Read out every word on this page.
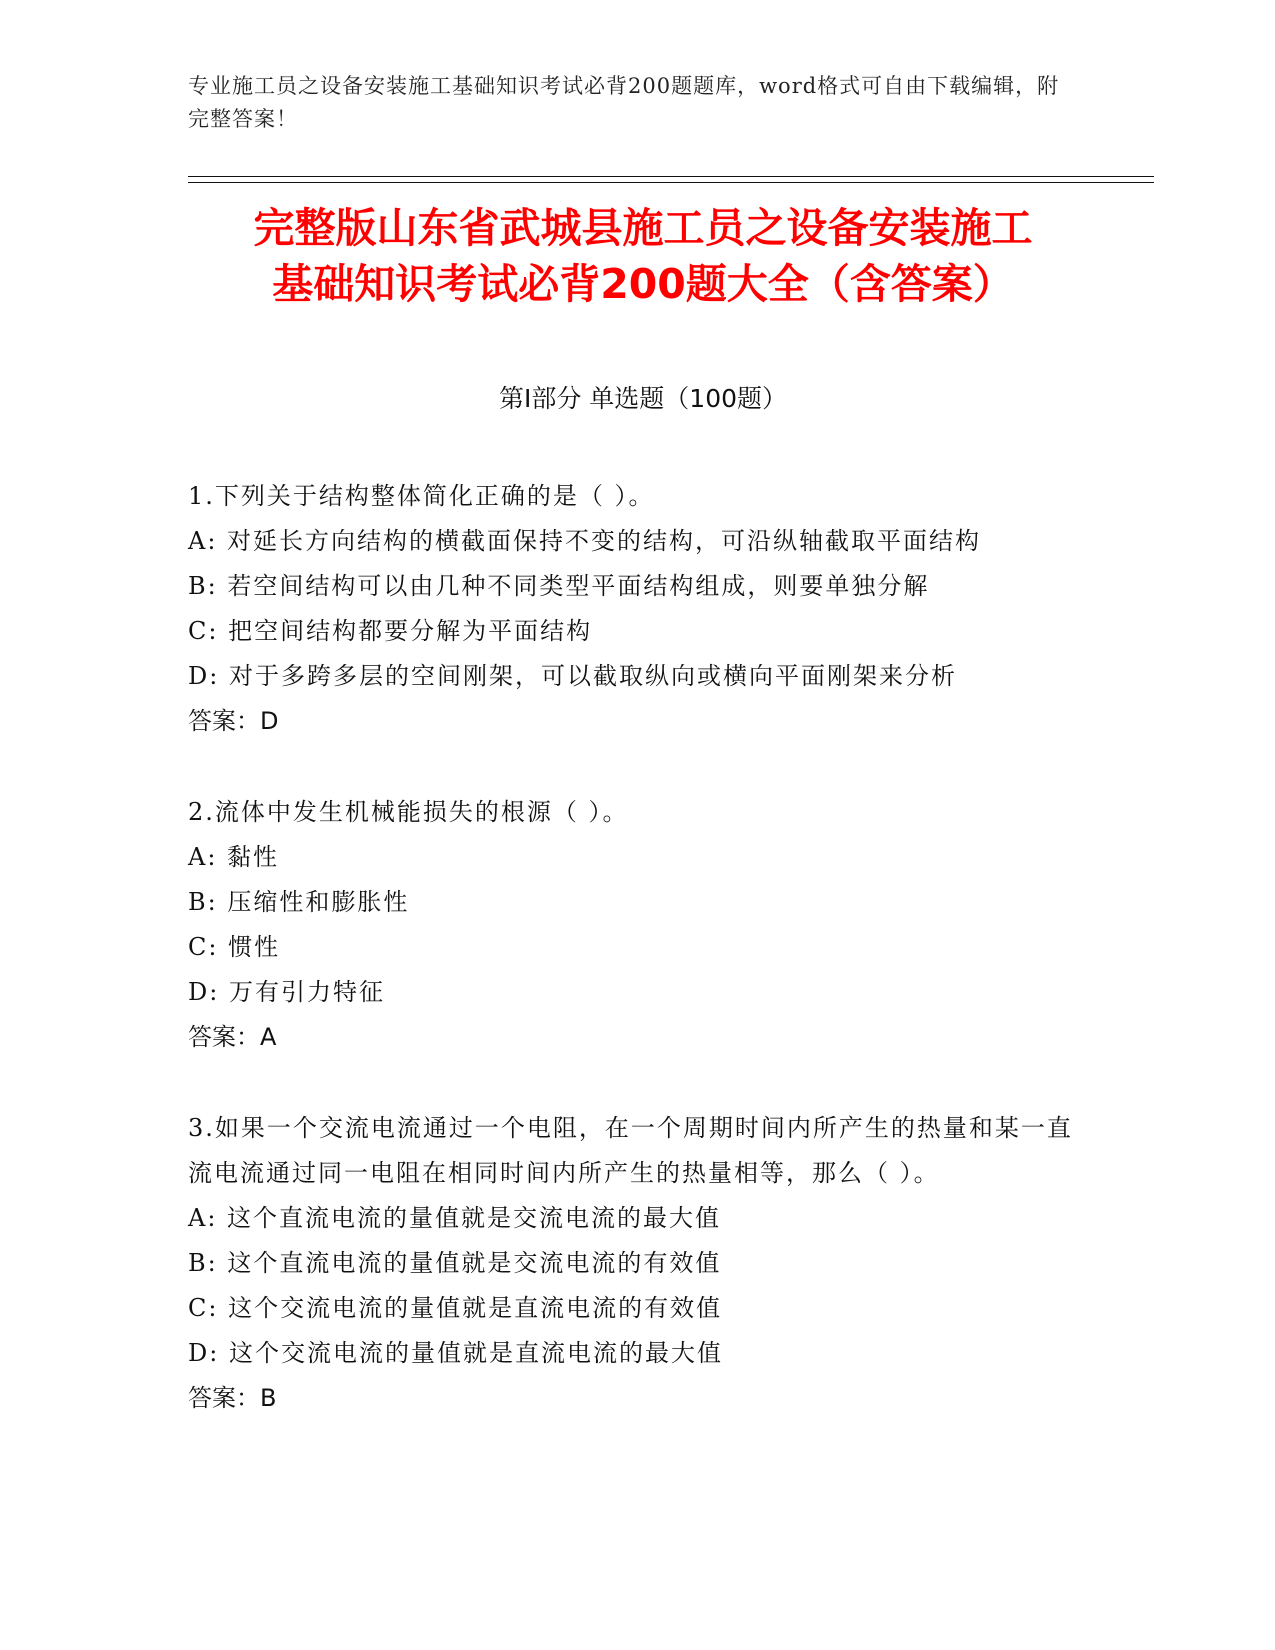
专业施工员之设备安装施工基础知识考试必背200题题库，word格式可自由下载编辑，附完整答案！
完整版山东省武城县施工员之设备安装施工
基础知识考试必背200题大全（含答案）
第Ⅰ部分 单选题（100题）
1.下列关于结构整体简化正确的是（ ）。
A: 对延长方向结构的横截面保持不变的结构，可沿纵轴截取平面结构
B: 若空间结构可以由几种不同类型平面结构组成，则要单独分解
C: 把空间结构都要分解为平面结构
D: 对于多跨多层的空间刚架，可以截取纵向或横向平面刚架来分析
答案：D
2.流体中发生机械能损失的根源（ ）。
A: 黏性
B: 压缩性和膨胀性
C: 惯性
D: 万有引力特征
答案：A
3.如果一个交流电流通过一个电阻，在一个周期时间内所产生的热量和某一直流电流通过同一电阻在相同时间内所产生的热量相等，那么（ ）。
A: 这个直流电流的量值就是交流电流的最大值
B: 这个直流电流的量值就是交流电流的有效值
C: 这个交流电流的量值就是直流电流的有效值
D: 这个交流电流的量值就是直流电流的最大值
答案：B
